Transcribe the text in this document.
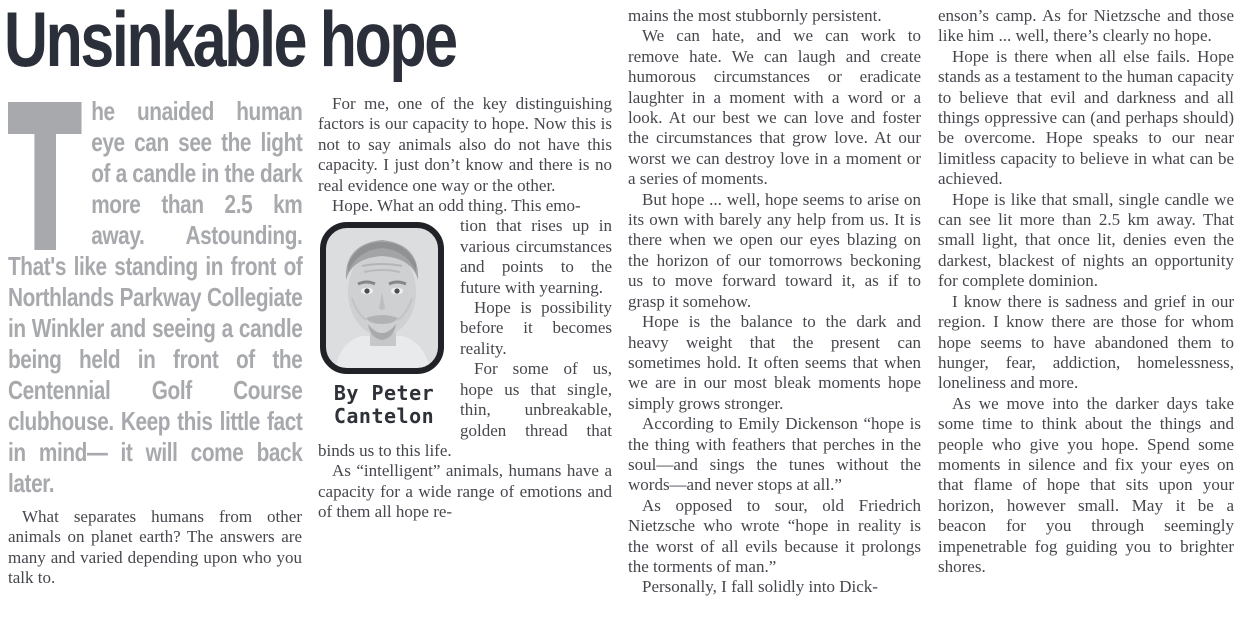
Unsinkable hope
he unaided human eye can see the light of a candle in the dark more than 2.5 km away. Astounding. That's like standing in front of Northlands Parkway Collegiate in Winkler and seeing a candle being held in front of the Centennial Golf Course clubhouse. Keep this little fact in mind— it will come back later.

What separates humans from other animals on planet earth? The answers are many and varied depending upon who you talk to.

For me, one of the key distinguishing factors is our capacity to hope. Now this is not to say animals also do not have this capacity. I just don’t know and there is no real evidence one way or the other.

Hope. What an odd thing. This emo-

By Peter
Cantelon

tion that rises up in various circumstances and points to the future with yearning.

Hope is possibility before it becomes reality.

For some of us, hope us that single, thin, unbreakable, golden thread that binds us to this life.

As “intelligent” animals, humans have a capacity for a wide range of emotions and of them all hope re-

mains the most stubbornly persistent.

We can hate, and we can work to remove hate. We can laugh and create humorous circumstances or eradicate laughter in a moment with a word or a look. At our best we can love and foster the circumstances that grow love. At our worst we can destroy love in a moment or a series of moments.

But hope ... well, hope seems to arise on its own with barely any help from us. It is there when we open our eyes blazing on the horizon of our tomorrows beckoning us to move forward toward it, as if to grasp it somehow.

Hope is the balance to the dark and heavy weight that the present can sometimes hold. It often seems that when we are in our most bleak moments hope simply grows stronger.

According to Emily Dickenson “hope is the thing with feathers that perches in the soul—and sings the tunes without the words—and never stops at all.”

As opposed to sour, old Friedrich Nietzsche who wrote “hope in reality is the worst of all evils because it prolongs the torments of man.”

Personally, I fall solidly into Dick-

enson’s camp. As for Nietzsche and those like him ... well, there’s clearly no hope.

Hope is there when all else fails. Hope stands as a testament to the human capacity to believe that evil and darkness and all things oppressive can (and perhaps should) be overcome. Hope speaks to our near limitless capacity to believe in what can be achieved.

Hope is like that small, single candle we can see lit more than 2.5 km away. That small light, that once lit, denies even the darkest, blackest of nights an opportunity for complete dominion.

I know there is sadness and grief in our region. I know there are those for whom hope seems to have abandoned them to hunger, fear, addiction, homelessness, loneliness and more.

As we move into the darker days take some time to think about the things and people who give you hope. Spend some moments in silence and fix your eyes on that flame of hope that sits upon your horizon, however small. May it be a beacon for you through seemingly impenetrable fog guiding you to brighter shores.
